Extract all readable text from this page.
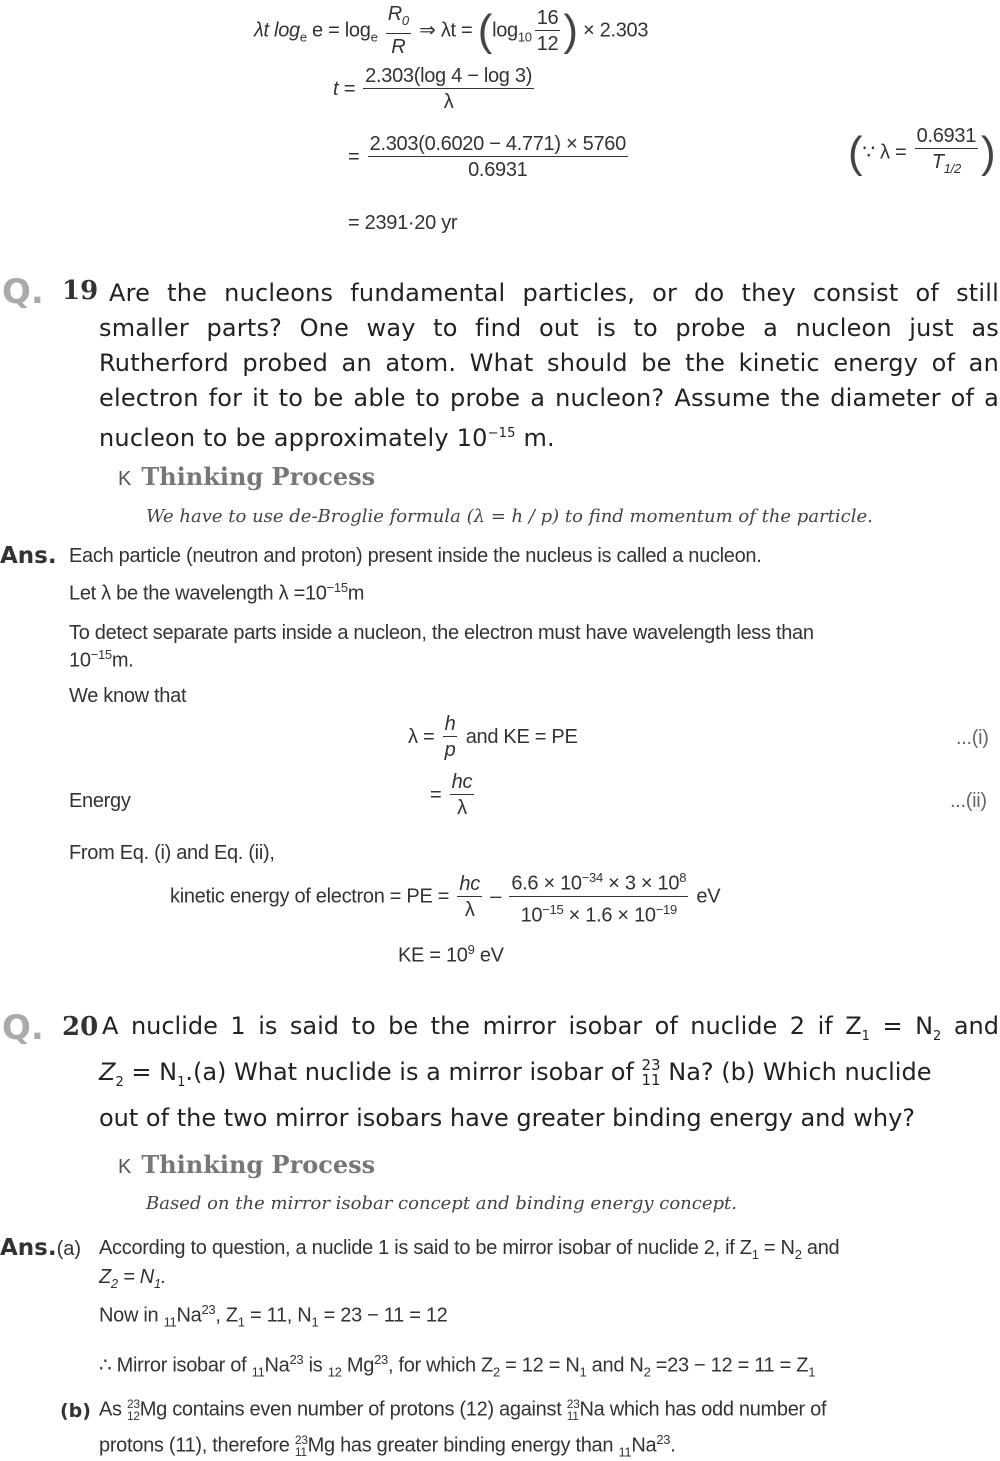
λt $\log_e e = \log_e \frac{R_0}{R}$ ⇒ $\lambda t = (\log_{10} \frac{16}{12}$ ) × 2.303
$t = \frac{2.303(\log 4 - \log 3)}{\lambda}$
= $\frac{2.303(0.6020 - 4.771) \times 5760}{0.6931}$	(∵ $\lambda = \frac{0.6931}{T_{1/2}}$ )
= 2391·20 yr
Q. 19 Are the nucleons fundamental particles, or do they consist of still smaller parts? One way to find out is to probe a nucleon just as Rutherford probed an atom. What should be the kinetic energy of an electron for it to be able to probe a nucleon? Assume the diameter of a nucleon to be approximately $10^{-15}$ m.
K Thinking Process
We have to use de-Broglie formula (λ = h / p) to find momentum of the particle.
Ans. Each particle (neutron and proton) present inside the nucleus is called a nucleon.
Let λ be the wavelength $\lambda =10^{-15}m$
To detect separate parts inside a nucleon, the electron must have wavelength less than
$10^{-15}m$.
We know that
$\lambda = \frac{h}{p}$ and KE = PE	...(i)
Energy	= $\frac{hc}{\lambda}$	...(ii)
From Eq. (i) and Eq. (ii),
kinetic energy of electron = PE = $\frac{hc}{\lambda} - \frac{6.6 \times 10^{-34} \times 3 \times 10^8}{10^{-15} \times 1.6 \times 10^{-19}}$ eV
KE = $10^9$ eV
Q. 20 A nuclide 1 is said to be the mirror isobar of nuclide 2 if $Z_1 = N_2$ and
$Z_2 = N_1.(a)$ What nuclide is a mirror isobar of 23
11 Na? (b) Which nuclide
out of the two mirror isobars have greater binding energy and why?
K Thinking Process
Based on the mirror isobar concept and binding energy concept.
Ans.(a) According to question, a nuclide 1 is said to be mirror isobar of nuclide 2, if $Z_1 = N_2$ and
$Z_2 = N_1$.
Now in $_{11}Na^{23}$, $Z_1 = 11$, $N_1 = 23 - 11 = 12$
∴ Mirror isobar of $_{11}Na^{23}$ is $_{12}$ Mg$^{23}$, for which $Z_2 = 12 = N_1$ and $N_2 =23 - 12 = 11 = Z_1$
(b) As 23
12 Mg contains even number of protons (12) against 23
11 Na which has odd number of
protons (11), therefore 23
11 Mg has greater binding energy than $_{11}Na^{23}$.
